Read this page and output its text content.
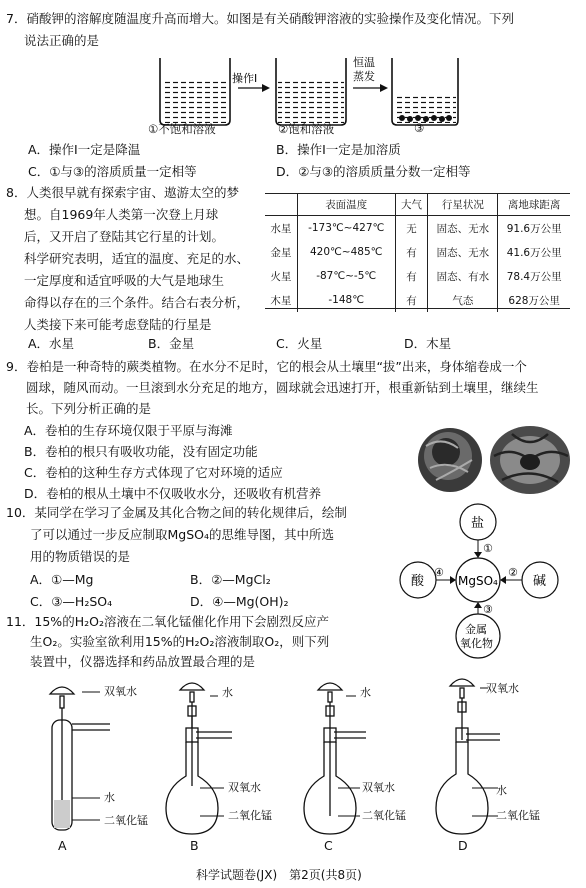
7．硝酸钾的溶解度随温度升高而增大。如图是有关硝酸钾溶液的实验操作及变化情况。下列
说法正确的是
操作Ⅰ
恒温
蒸发
①不饱和溶液	②饱和溶液	③
A．操作Ⅰ一定是降温	B．操作Ⅰ一定是加溶质
C．①与③的溶质质量一定相等	D．②与③的溶质质量分数一定相等
8．人类很早就有探索宇宙、遨游太空的梦
想。自1969年人类第一次登上月球
后，又开启了登陆其它行星的计划。
科学研究表明，适宜的温度、充足的水、
一定厚度和适宜呼吸的大气是地球生
命得以存在的三个条件。结合右表分析，
人类接下来可能考虑登陆的行星是
	表面温度	大气	行星状况	离地球距离
水星	-173℃~427℃	无	固态、无水	91.6万公里
金星	420℃~485℃	有	固态、无水	41.6万公里
火星	-87℃~-5℃	有	固态、有水	78.4万公里
木星	-148℃	有	气态	628万公里
A．水星	B．金星	C．火星	D．木星
9．卷柏是一种奇特的蕨类植物。在水分不足时，它的根会从土壤里“拔”出来，身体缩卷成一个
圆球，随风而动。一旦滚到水分充足的地方，圆球就会迅速打开，根重新钻到土壤里，继续生
长。下列分析正确的是
A．卷柏的生存环境仅限于平原与海滩
B．卷柏的根只有吸收功能，没有固定功能
C．卷柏的这种生存方式体现了它对环境的适应
D．卷柏的根从土壤中不仅吸收水分，还吸收有机营养
10．某同学在学习了金属及其化合物之间的转化规律后，绘制
了可以通过一步反应制取MgSO₄的思维导图，其中所选
用的物质错误的是
A．①—Mg	B．②—MgCl₂
C．③—H₂SO₄	D．④—Mg(OH)₂
盐
MgSO₄
酸	碱
金属
氧化物
①
②
③
④
11．15%的H₂O₂溶液在二氧化锰催化作用下会剧烈反应产
生O₂。实验室欲利用15%的H₂O₂溶液制取O₂，则下列
装置中，仪器选择和药品放置最合理的是
双氧水
水
二氧化锰
A
水
双氧水
二氧化锰
B
水
双氧水
二氧化锰
C
双氧水
水
二氧化锰
D
科学试题卷(JX)　第2页(共8页)
